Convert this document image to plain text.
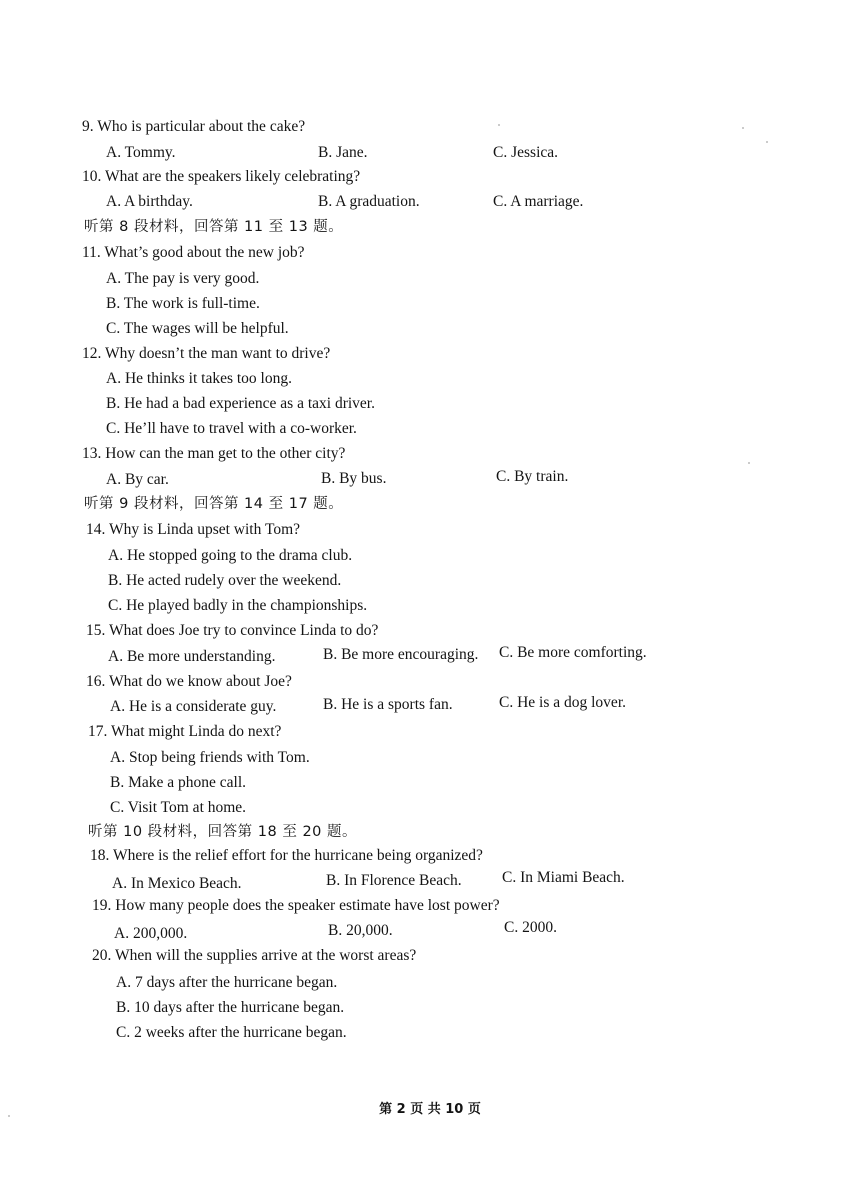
9. Who is particular about the cake?
A. Tommy.	B. Jane.	C. Jessica.
10. What are the speakers likely celebrating?
A. A birthday.	B. A graduation.	C. A marriage.
听第 8 段材料，回答第 11 至 13 题。
11. What’s good about the new job?
A. The pay is very good.
B. The work is full-time.
C. The wages will be helpful.
12. Why doesn’t the man want to drive?
A. He thinks it takes too long.
B. He had a bad experience as a taxi driver.
C. He’ll have to travel with a co-worker.
13. How can the man get to the other city?
A. By car.	B. By bus.	C. By train.
听第 9 段材料，回答第 14 至 17 题。
14. Why is Linda upset with Tom?
A. He stopped going to the drama club.
B. He acted rudely over the weekend.
C. He played badly in the championships.
15. What does Joe try to convince Linda to do?
A. Be more understanding.	B. Be more encouraging. C. Be more comforting.
16. What do we know about Joe?
A. He is a considerate guy.	B. He is a sports fan.	C. He is a dog lover.
17. What might Linda do next?
A. Stop being friends with Tom.
B. Make a phone call.
C. Visit Tom at home.
听第 10 段材料，回答第 18 至 20 题。
18. Where is the relief effort for the hurricane being organized?
A. In Mexico Beach.	B. In Florence Beach.	C. In Miami Beach.
19. How many people does the speaker estimate have lost power?
A. 200,000.	B. 20,000.	C. 2000.
20. When will the supplies arrive at the worst areas?
A. 7 days after the hurricane began.
B. 10 days after the hurricane began.
C. 2 weeks after the hurricane began.
第 2 页 共 10 页
